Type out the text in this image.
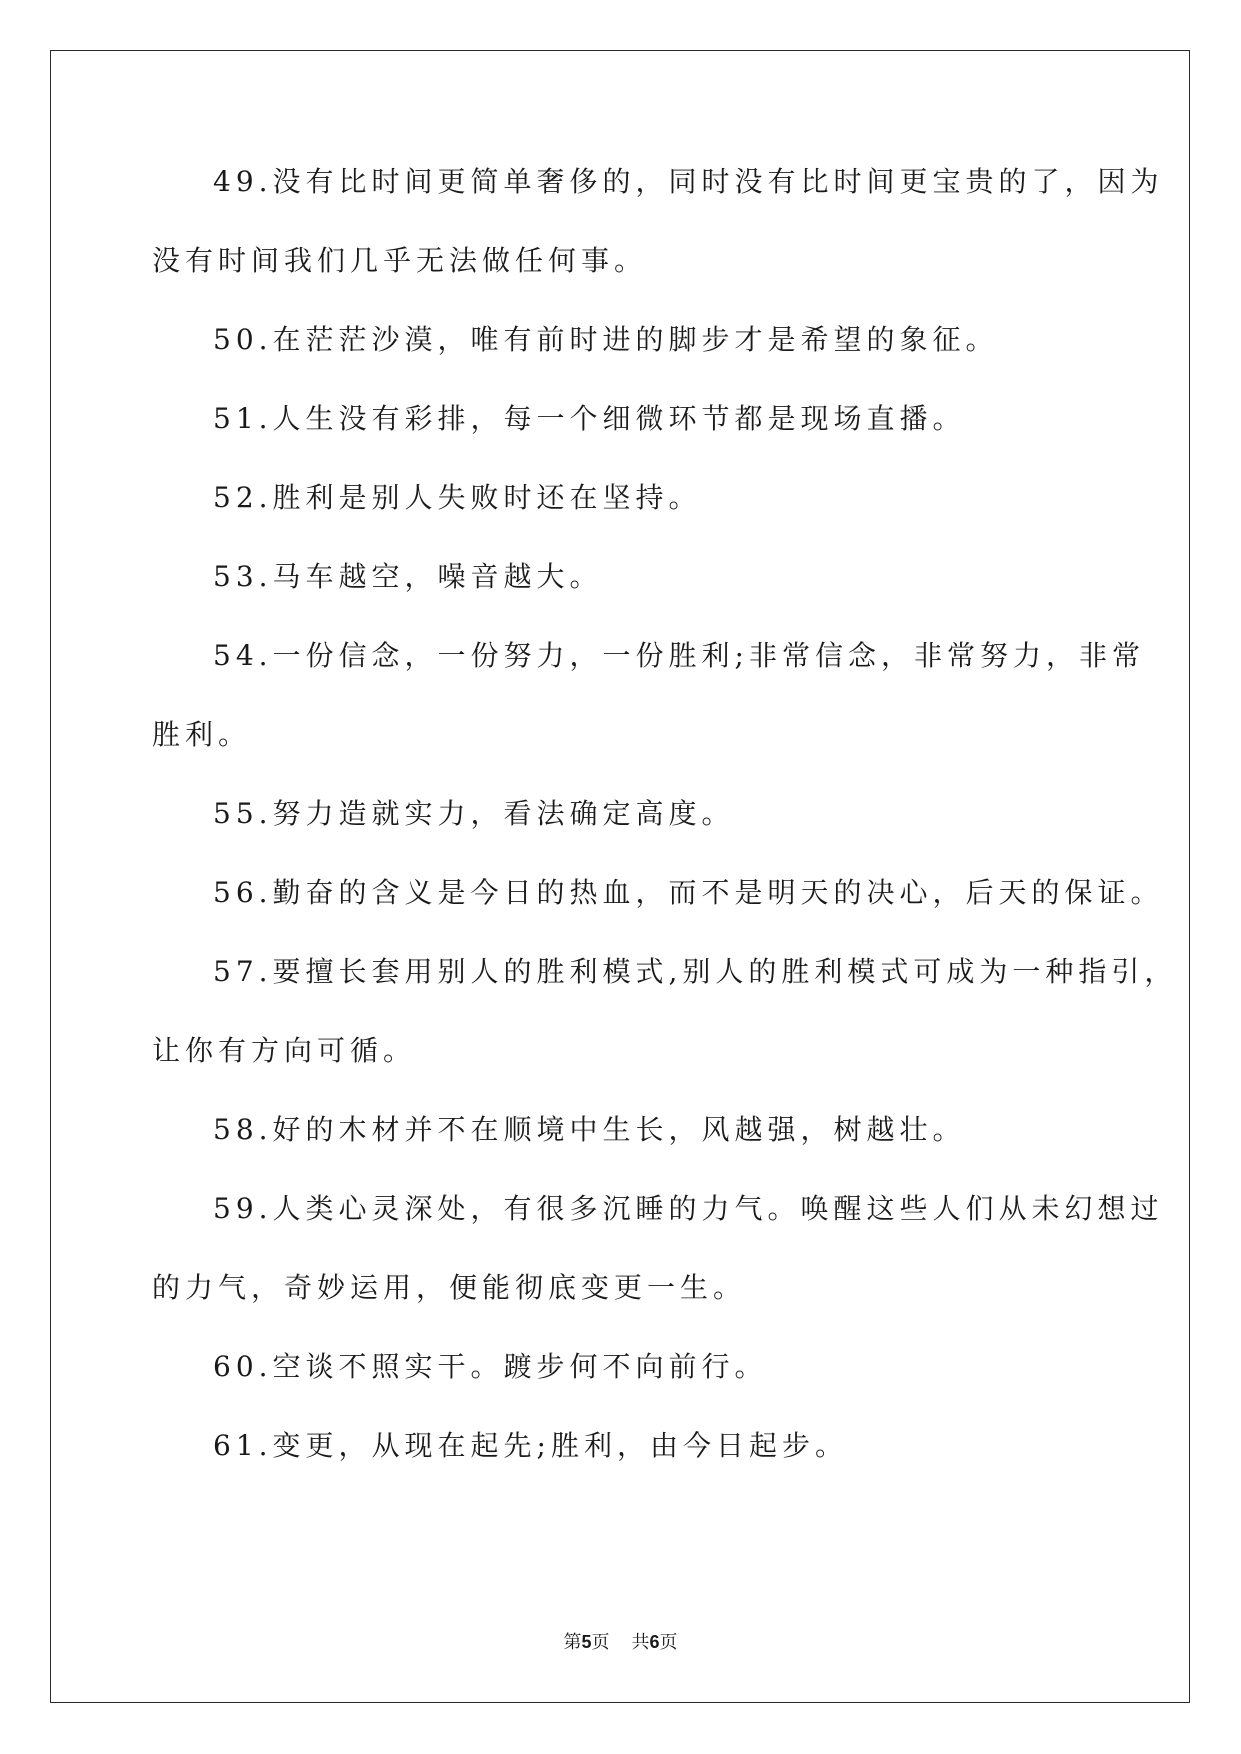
49.没有比时间更简单奢侈的，同时没有比时间更宝贵的了，因为
没有时间我们几乎无法做任何事。
50.在茫茫沙漠，唯有前时进的脚步才是希望的象征。
51.人生没有彩排，每一个细微环节都是现场直播。
52.胜利是别人失败时还在坚持。
53.马车越空，噪音越大。
54.一份信念，一份努力，一份胜利;非常信念，非常努力，非常
胜利。
55.努力造就实力，看法确定高度。
56.勤奋的含义是今日的热血，而不是明天的决心，后天的保证。
57.要擅长套用别人的胜利模式,别人的胜利模式可成为一种指引，
让你有方向可循。
58.好的木材并不在顺境中生长，风越强，树越壮。
59.人类心灵深处，有很多沉睡的力气。唤醒这些人们从未幻想过
的力气，奇妙运用，便能彻底变更一生。
60.空谈不照实干。踱步何不向前行。
61.变更，从现在起先;胜利，由今日起步。
第5页 共6页
